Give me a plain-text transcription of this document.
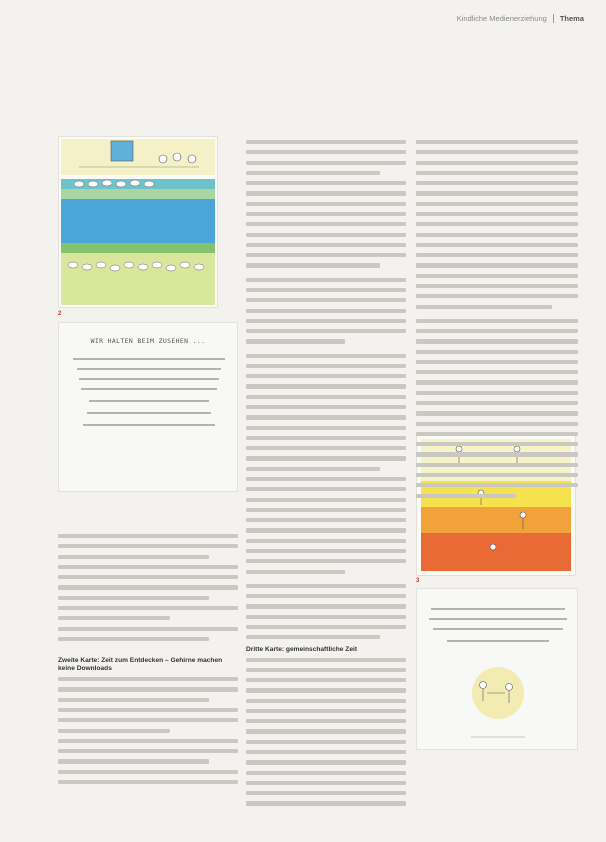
Kindliche Medienerziehung Thema
2
WIR HALTEN BEIM ZUSEHEN ...
3
Zweite Karte: Zeit zum Entdecken – Gehirne machen keine Downloads
Dritte Karte: gemeinschaftliche Zeit
